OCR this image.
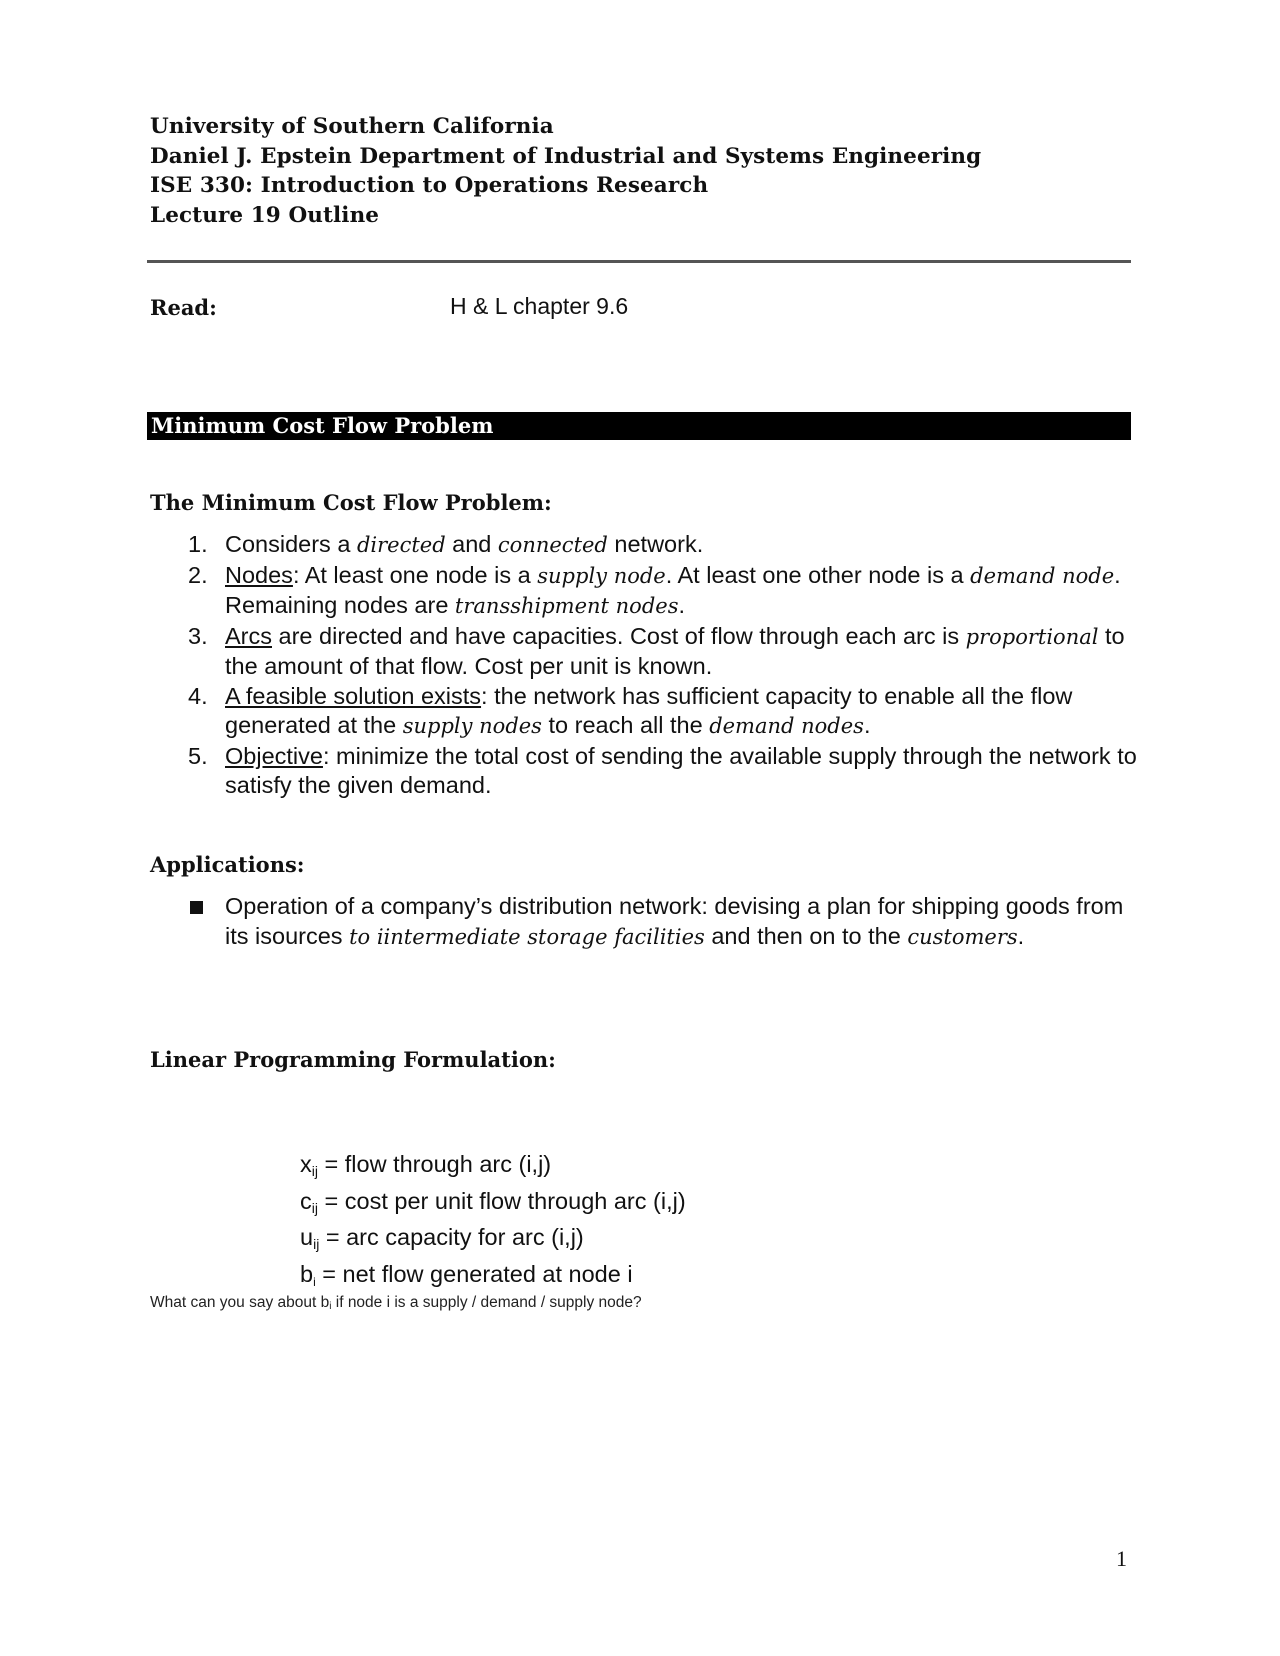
University of Southern California
Daniel J. Epstein Department of Industrial and Systems Engineering
ISE 330: Introduction to Operations Research
Lecture 19 Outline
Read:	H & L chapter 9.6
Minimum Cost Flow Problem
The Minimum Cost Flow Problem:
1. Considers a directed and connected network.
2. Nodes: At least one node is a supply node. At least one other node is a demand node. Remaining nodes are transshipment nodes.
3. Arcs are directed and have capacities. Cost of flow through each arc is proportional to the amount of that flow. Cost per unit is known.
4. A feasible solution exists: the network has sufficient capacity to enable all the flow generated at the supply nodes to reach all the demand nodes.
5. Objective: minimize the total cost of sending the available supply through the network to satisfy the given demand.
Applications:
Operation of a company’s distribution network: devising a plan for shipping goods from its isources to iintermediate storage facilities and then on to the customers.
Linear Programming Formulation:
$x_{ij}$ = flow through arc (i,j)
$c_{ij} = \cos t$ per unit flow through arc (i,j)
$u_{ij}$ = arc capacity for arc (i,j)
$b_i$ = net flow generated at node i
What can you say about $b_i$ if node i is a supply / demand / supply node?
1
